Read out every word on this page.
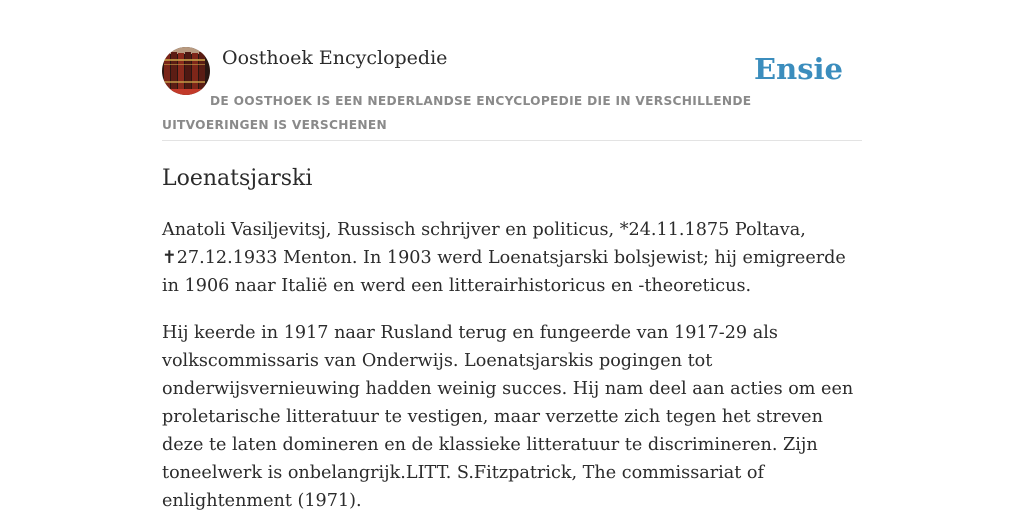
Oosthoek Encyclopedie	Ensie
DE OOSTHOEK IS EEN NEDERLANDSE ENCYCLOPEDIE DIE IN VERSCHILLENDE UITVOERINGEN IS VERSCHENEN
Loenatsjarski

Anatoli Vasiljevitsj, Russisch schrijver en politicus, *24.11.1875 Poltava, ✝27.12.1933 Menton. In 1903 werd Loenatsjarski bolsjewist; hij emigreerde in 1906 naar Italië en werd een litterairhistoricus en -theoreticus.

Hij keerde in 1917 naar Rusland terug en fungeerde van 1917-29 als volkscommissaris van Onderwijs. Loenatsjarskis pogingen tot onderwijsvernieuwing hadden weinig succes. Hij nam deel aan acties om een proletarische litteratuur te vestigen, maar verzette zich tegen het streven deze te laten domineren en de klassieke litteratuur te discrimineren. Zijn toneelwerk is onbelangrijk.LITT. S.Fitzpatrick, The commissariat of enlightenment (1971).
